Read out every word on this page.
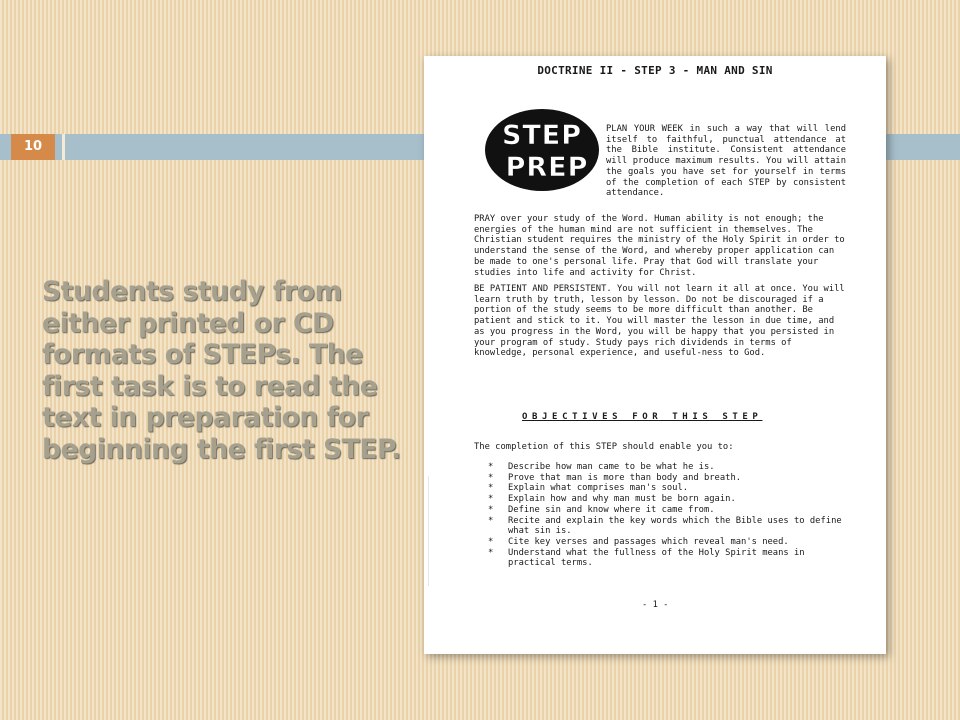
10
Students study from either printed or CD formats of STEPs. The first task is to read the text in preparation for beginning the first STEP.
DOCTRINE II - STEP 3 - MAN AND SIN
STEP
PREP
PLAN YOUR WEEK in such a way that will lend itself to faithful, punctual attendance at the Bible institute. Consistent attendance will produce maximum results. You will attain the goals you have set for yourself in terms of the completion of each STEP by consistent attendance.
PRAY over your study of the Word. Human ability is not enough; the energies of the human mind are not sufficient in themselves. The Christian student requires the ministry of the Holy Spirit in order to understand the sense of the Word, and whereby proper application can be made to one's personal life. Pray that God will translate your studies into life and activity for Christ.
BE PATIENT AND PERSISTENT. You will not learn it all at once. You will learn truth by truth, lesson by lesson. Do not be discouraged if a portion of the study seems to be more difficult than another. Be patient and stick to it. You will master the lesson in due time, and as you progress in the Word, you will be happy that you persisted in your program of study. Study pays rich dividends in terms of knowledge, personal experience, and useful-ness to God.
OBJECTIVES FOR THIS STEP
The completion of this STEP should enable you to:
* Describe how man came to be what he is.
* Prove that man is more than body and breath.
* Explain what comprises man's soul.
* Explain how and why man must be born again.
* Define sin and know where it came from.
* Recite and explain the key words which the Bible uses to define what sin is.
* Cite key verses and passages which reveal man's need.
* Understand what the fullness of the Holy Spirit means in practical terms.
- 1 -
